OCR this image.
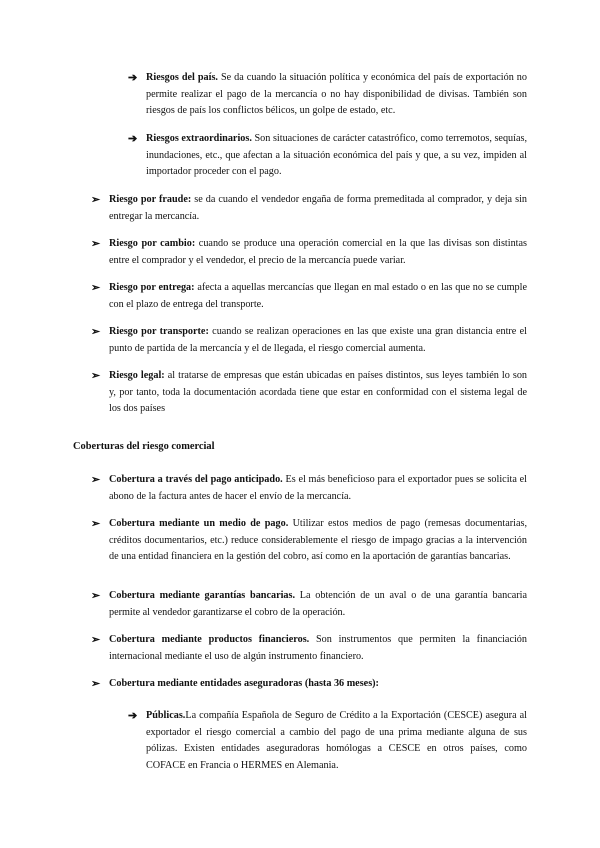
➔ Riesgos del país. Se da cuando la situación política y económica del país de exportación no permite realizar el pago de la mercancía o no hay disponibilidad de divisas. También son riesgos de país los conflictos bélicos, un golpe de estado, etc.

➔ Riesgos extraordinarios. Son situaciones de carácter catastrófico, como terremotos, sequías, inundaciones, etc., que afectan a la situación económica del país y que, a su vez, impiden al importador proceder con el pago.

➢ Riesgo por fraude: se da cuando el vendedor engaña de forma premeditada al comprador, y deja sin entregar la mercancía.

➢ Riesgo por cambio: cuando se produce una operación comercial en la que las divisas son distintas entre el comprador y el vendedor, el precio de la mercancía puede variar.

➢ Riesgo por entrega: afecta a aquellas mercancías que llegan en mal estado o en las que no se cumple con el plazo de entrega del transporte.

➢ Riesgo por transporte: cuando se realizan operaciones en las que existe una gran distancia entre el punto de partida de la mercancía y el de llegada, el riesgo comercial aumenta.

➢ Riesgo legal: al tratarse de empresas que están ubicadas en países distintos, sus leyes también lo son y, por tanto, toda la documentación acordada tiene que estar en conformidad con el sistema legal de los dos países

Coberturas del riesgo comercial
➢ Cobertura a través del pago anticipado. Es el más beneficioso para el exportador pues se solicita el abono de la factura antes de hacer el envío de la mercancía.

➢ Cobertura mediante un medio de pago. Utilizar estos medios de pago (remesas documentarias, créditos documentarios, etc.) reduce considerablemente el riesgo de impago gracias a la intervención de una entidad financiera en la gestión del cobro, así como en la aportación de garantías bancarias.

➢ Cobertura mediante garantías bancarias. La obtención de un aval o de una garantía bancaria permite al vendedor garantizarse el cobro de la operación.

➢ Cobertura mediante productos financieros. Son instrumentos que permiten la financiación internacional mediante el uso de algún instrumento financiero.

➢ Cobertura mediante entidades aseguradoras (hasta 36 meses):

➔ Públicas.La compañía Española de Seguro de Crédito a la Exportación (CESCE) asegura al exportador el riesgo comercial a cambio del pago de una prima mediante alguna de sus pólizas. Existen entidades aseguradoras homólogas a CESCE en otros países, como COFACE en Francia o HERMES en Alemania.
